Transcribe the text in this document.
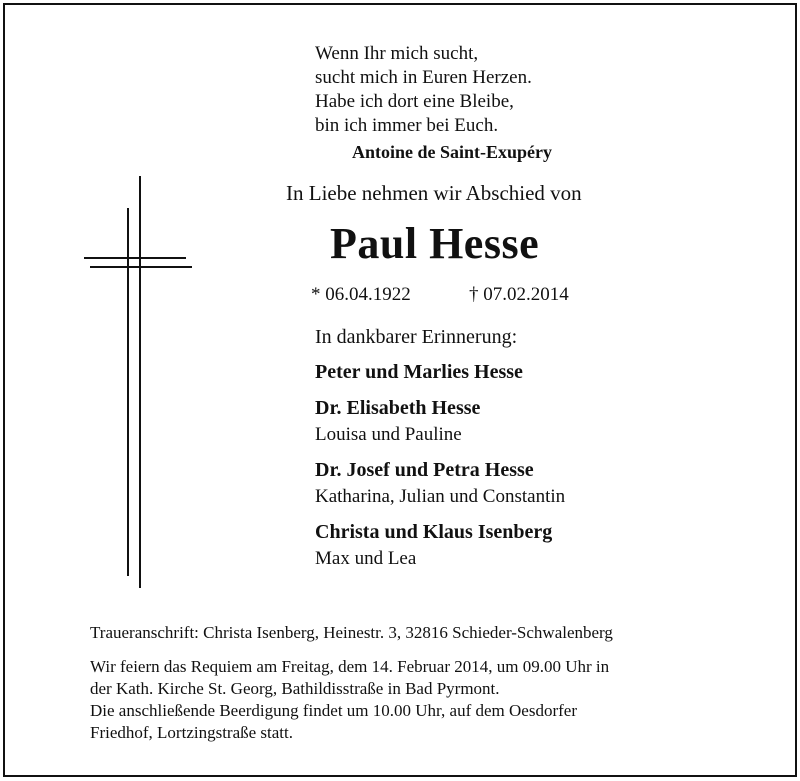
Wenn Ihr mich sucht,
sucht mich in Euren Herzen.
Habe ich dort eine Bleibe,
bin ich immer bei Euch.
Antoine de Saint-Exupéry
In Liebe nehmen wir Abschied von
Paul Hesse
* 06.04.1922	† 07.02.2014
In dankbarer Erinnerung:
Peter und Marlies Hesse
Dr. Elisabeth Hesse
Louisa und Pauline
Dr. Josef und Petra Hesse
Katharina, Julian und Constantin
Christa und Klaus Isenberg
Max und Lea
Traueranschrift: Christa Isenberg, Heinestr. 3, 32816 Schieder-Schwalenberg
Wir feiern das Requiem am Freitag, dem 14. Februar 2014, um 09.00 Uhr in
der Kath. Kirche St. Georg, Bathildisstraße in Bad Pyrmont.
Die anschließende Beerdigung findet um 10.00 Uhr, auf dem Oesdorfer
Friedhof, Lortzingstraße statt.
